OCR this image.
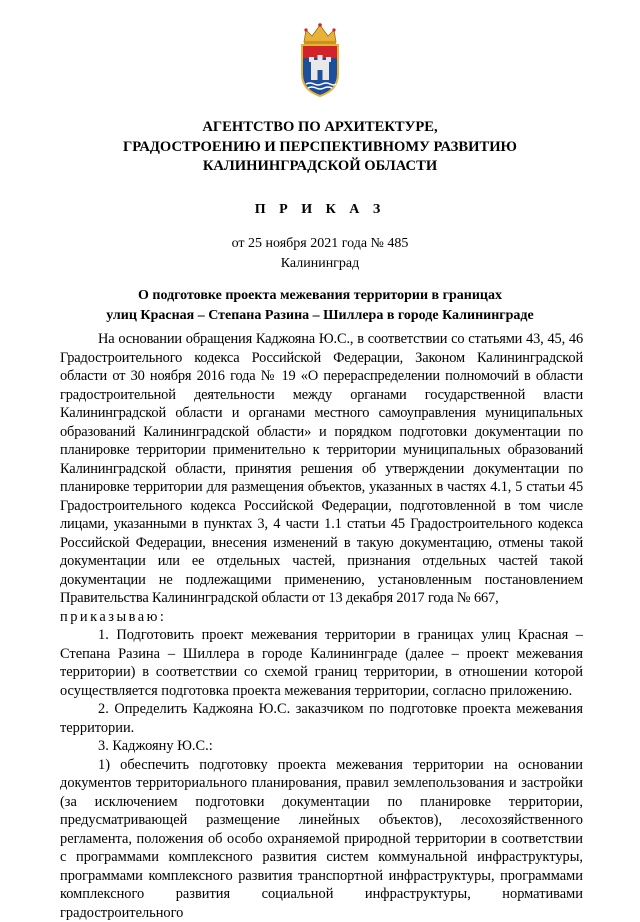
АГЕНТСТВО ПО АРХИТЕКТУРЕ,
ГРАДОСТРОЕНИЮ И ПЕРСПЕКТИВНОМУ РАЗВИТИЮ
КАЛИНИНГРАДСКОЙ ОБЛАСТИ
П Р И К А З
от 25 ноября 2021 года № 485
Калининград
О подготовке проекта межевания территории в границах
улиц Красная – Степана Разина – Шиллера в городе Калининграде

На основании обращения Каджояна Ю.С., в соответствии со статьями 43, 45, 46 Градостроительного кодекса Российской Федерации, Законом Калининградской области от 30 ноября 2016 года № 19 «О перераспределении полномочий в области градостроительной деятельности между органами государственной власти Калининградской области и органами местного самоуправления муниципальных образований Калининградской области» и порядком подготовки документации по планировке территории применительно к территории муниципальных образований Калининградской области, принятия решения об утверждении документации по планировке территории для размещения объектов, указанных в частях 4.1, 5 статьи 45 Градостроительного кодекса Российской Федерации, подготовленной в том числе лицами, указанными в пунктах 3, 4 части 1.1 статьи 45 Градостроительного кодекса Российской Федерации, внесения изменений в такую документацию, отмены такой документации или ее отдельных частей, признания отдельных частей такой документации не подлежащими применению, установленным постановлением Правительства Калининградской области от 13 декабря 2017 года № 667,

приказываю:

1. Подготовить проект межевания территории в границах улиц Красная – Степана Разина – Шиллера в городе Калининграде (далее – проект межевания территории) в соответствии со схемой границ территории, в отношении которой осуществляется подготовка проекта межевания территории, согласно приложению.

2. Определить Каджояна Ю.С. заказчиком по подготовке проекта межевания территории.

3. Каджояну Ю.С.:

1) обеспечить подготовку проекта межевания территории на основании документов территориального планирования, правил землепользования и застройки (за исключением подготовки документации по планировке территории, предусматривающей размещение линейных объектов), лесохозяйственного регламента, положения об особо охраняемой природной территории в соответствии с программами комплексного развития систем коммунальной инфраструктуры, программами комплексного развития транспортной инфраструктуры, программами комплексного развития социальной инфраструктуры, нормативами градостроительного
